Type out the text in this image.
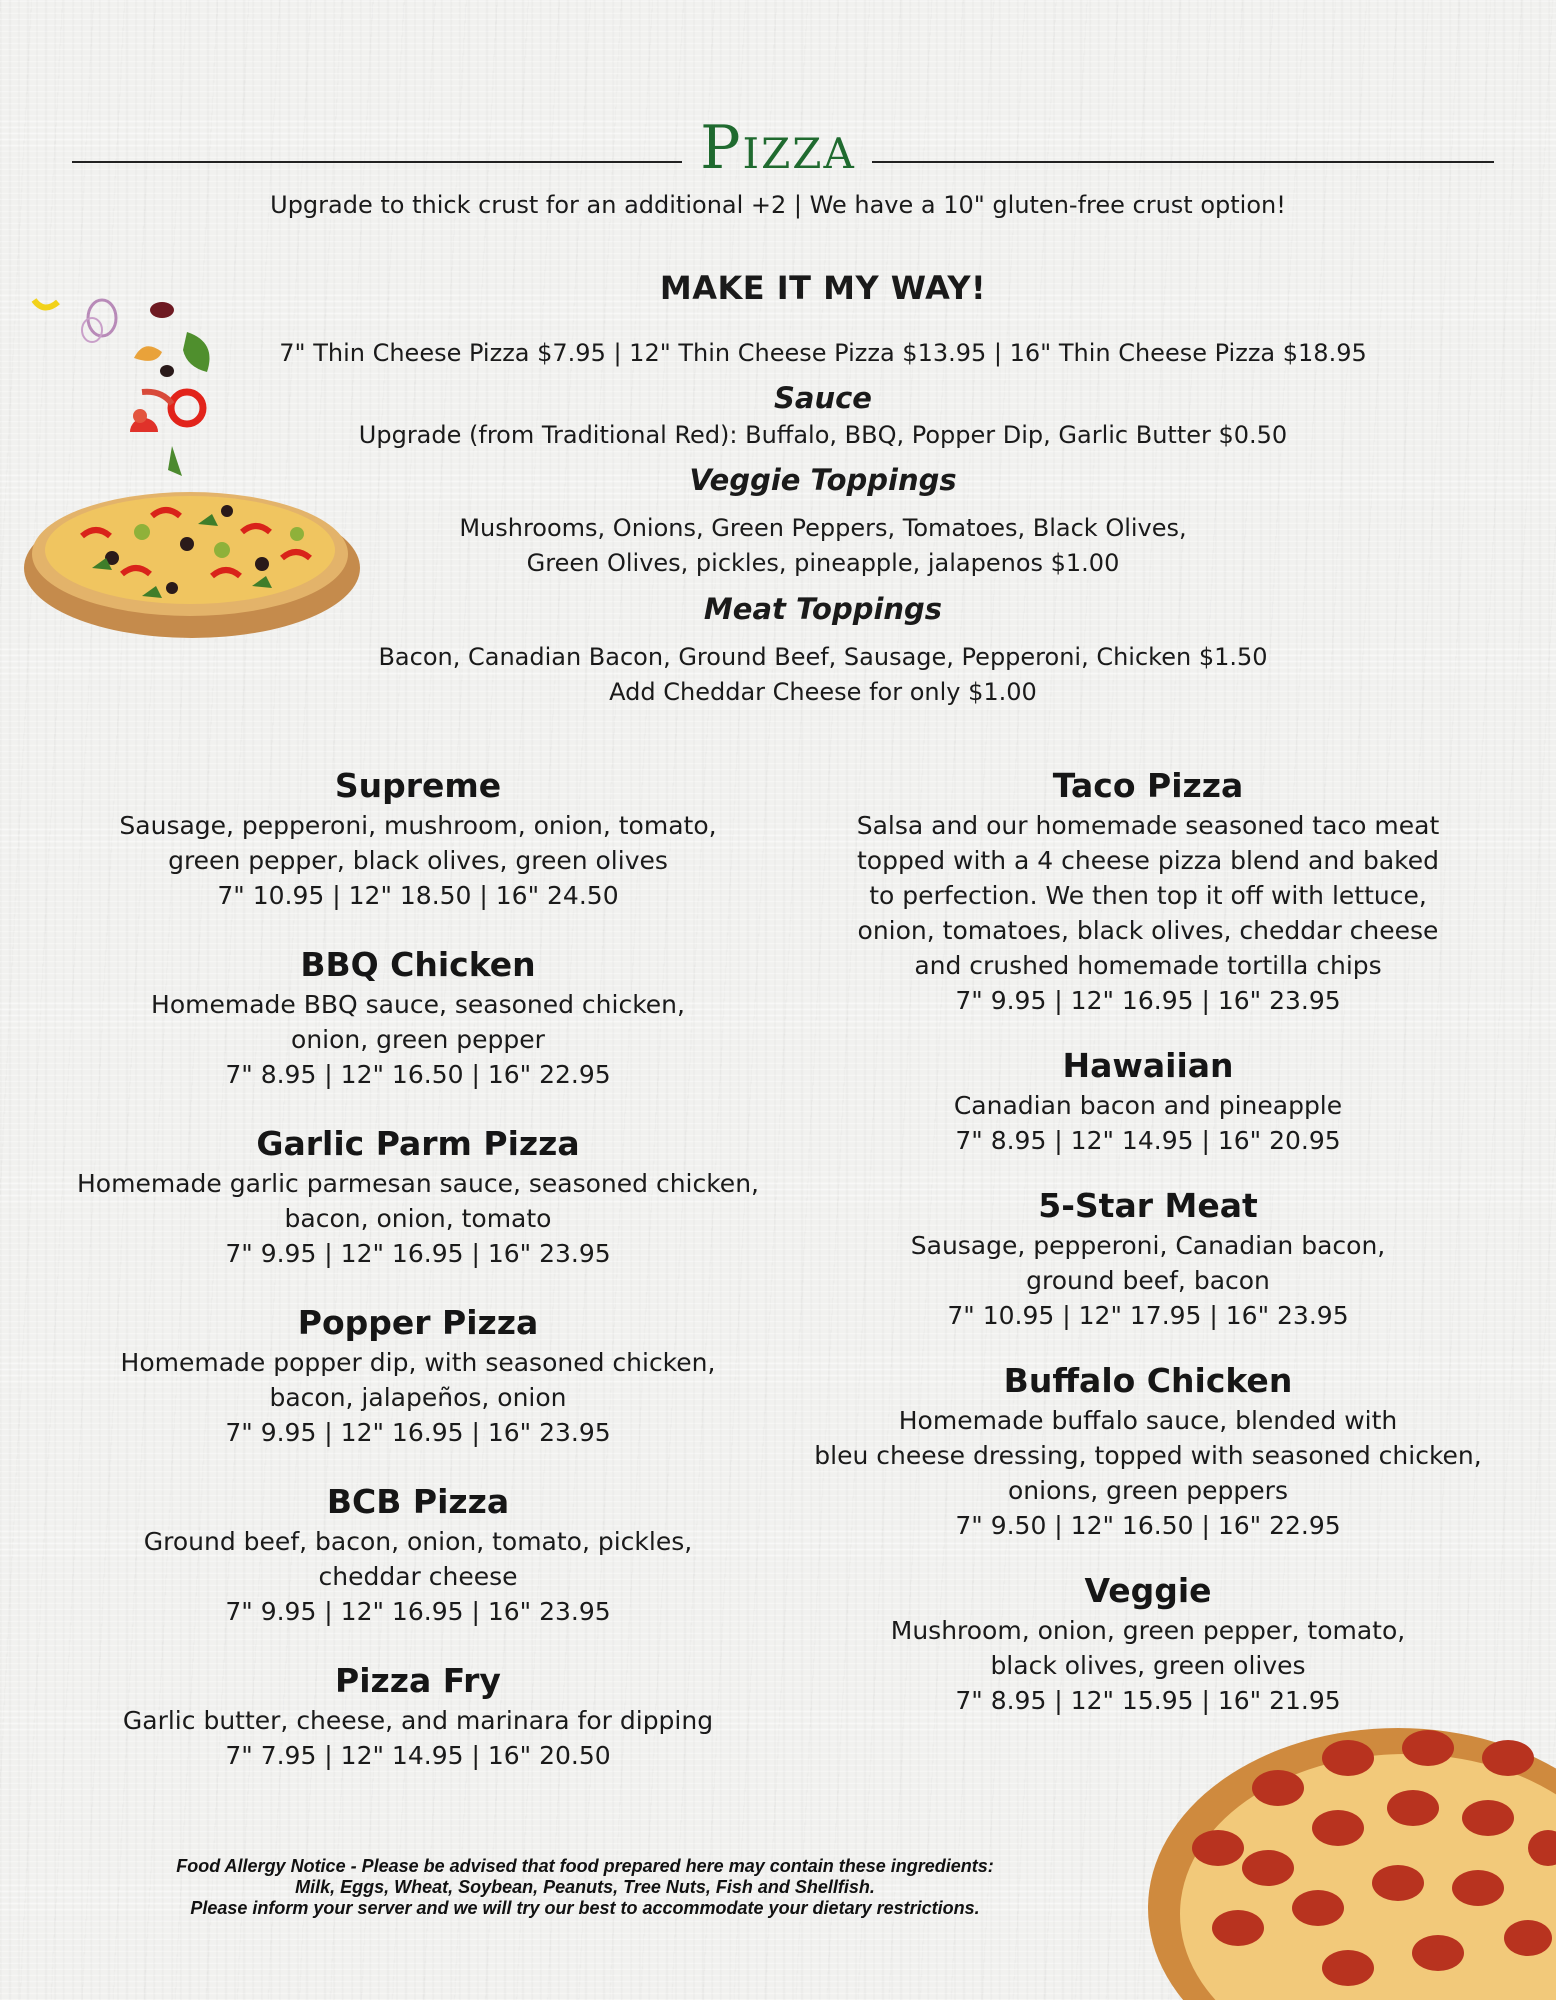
Pizza
Upgrade to thick crust for an additional +2 | We have a 10" gluten-free crust option!
MAKE IT MY WAY!
7" Thin Cheese Pizza $7.95 | 12" Thin Cheese Pizza $13.95 | 16" Thin Cheese Pizza $18.95
Sauce
Upgrade (from Traditional Red): Buffalo, BBQ, Popper Dip, Garlic Butter $0.50
Veggie Toppings
Mushrooms, Onions, Green Peppers, Tomatoes, Black Olives,
Green Olives, pickles, pineapple, jalapenos $1.00
Meat Toppings
Bacon, Canadian Bacon, Ground Beef, Sausage, Pepperoni, Chicken $1.50
Add Cheddar Cheese for only $1.00
Supreme
Sausage, pepperoni, mushroom, onion, tomato,
green pepper, black olives, green olives
7" 10.95 | 12" 18.50 | 16" 24.50
BBQ Chicken
Homemade BBQ sauce, seasoned chicken,
onion, green pepper
7" 8.95 | 12" 16.50 | 16" 22.95
Garlic Parm Pizza
Homemade garlic parmesan sauce, seasoned chicken,
bacon, onion, tomato
7" 9.95 | 12" 16.95 | 16" 23.95
Popper Pizza
Homemade popper dip, with seasoned chicken,
bacon, jalapeños, onion
7" 9.95 | 12" 16.95 | 16" 23.95
BCB Pizza
Ground beef, bacon, onion, tomato, pickles,
cheddar cheese
7" 9.95 | 12" 16.95 | 16" 23.95
Pizza Fry
Garlic butter, cheese, and marinara for dipping
7" 7.95 | 12" 14.95 | 16" 20.50
Taco Pizza
Salsa and our homemade seasoned taco meat
topped with a 4 cheese pizza blend and baked
to perfection. We then top it off with lettuce,
onion, tomatoes, black olives, cheddar cheese
and crushed homemade tortilla chips
7" 9.95 | 12" 16.95 | 16" 23.95
Hawaiian
Canadian bacon and pineapple
7" 8.95 | 12" 14.95 | 16" 20.95
5-Star Meat
Sausage, pepperoni, Canadian bacon,
ground beef, bacon
7" 10.95 | 12" 17.95 | 16" 23.95
Buffalo Chicken
Homemade buffalo sauce, blended with
bleu cheese dressing, topped with seasoned chicken,
onions, green peppers
7" 9.50 | 12" 16.50 | 16" 22.95
Veggie
Mushroom, onion, green pepper, tomato,
black olives, green olives
7" 8.95 | 12" 15.95 | 16" 21.95
Food Allergy Notice - Please be advised that food prepared here may contain these ingredients:
Milk, Eggs, Wheat, Soybean, Peanuts, Tree Nuts, Fish and Shellfish.
Please inform your server and we will try our best to accommodate your dietary restrictions.
